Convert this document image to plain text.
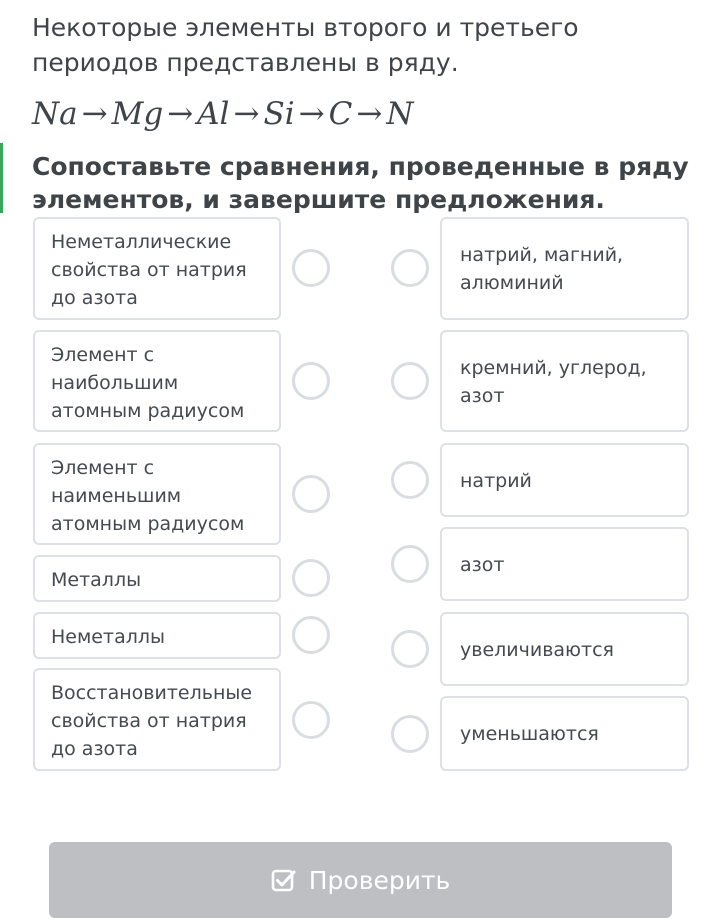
Некоторые элементы второго и третьего периодов представлены в ряду.
Na → Mg → Al → Si → C → N
Сопоставьте сравнения, проведенные в ряду элементов, и завершите предложения.
Неметаллические свойства от натрия до азота
Элемент с наибольшим атомным радиусом
Элемент с наименьшим атомным радиусом
Металлы
Неметаллы
Восстановительные свойства от натрия до азота
натрий, магний, алюминий
кремний, углерод, азот
натрий
азот
увеличиваются
уменьшаются
Проверить
